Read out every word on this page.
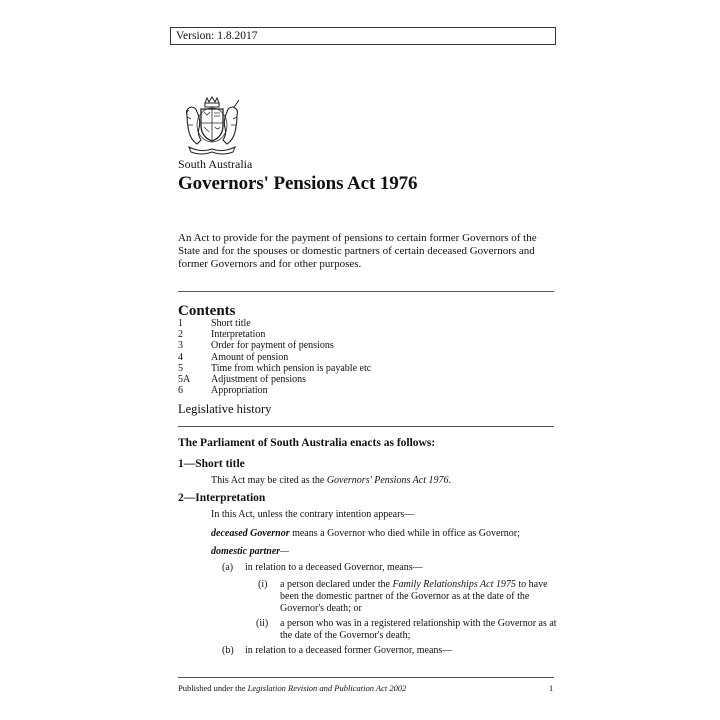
Version: 1.8.2017
South Australia
Governors' Pensions Act 1976
An Act to provide for the payment of pensions to certain former Governors of the State and for the spouses or domestic partners of certain deceased Governors and former Governors and for other purposes.
Contents
1	Short title
2	Interpretation
3	Order for payment of pensions
4	Amount of pension
5	Time from which pension is payable etc
5A	Adjustment of pensions
6	Appropriation
Legislative history
The Parliament of South Australia enacts as follows:
1—Short title
This Act may be cited as the Governors' Pensions Act 1976.
2—Interpretation
In this Act, unless the contrary intention appears—
deceased Governor means a Governor who died while in office as Governor;
domestic partner—
(a) in relation to a deceased Governor, means—
(i) a person declared under the Family Relationships Act 1975 to have
been the domestic partner of the Governor as at the date of the
Governor's death; or
(ii) a person who was in a registered relationship with the Governor as at
the date of the Governor's death;
(b) in relation to a deceased former Governor, means—
Published under the Legislation Revision and Publication Act 2002	1
